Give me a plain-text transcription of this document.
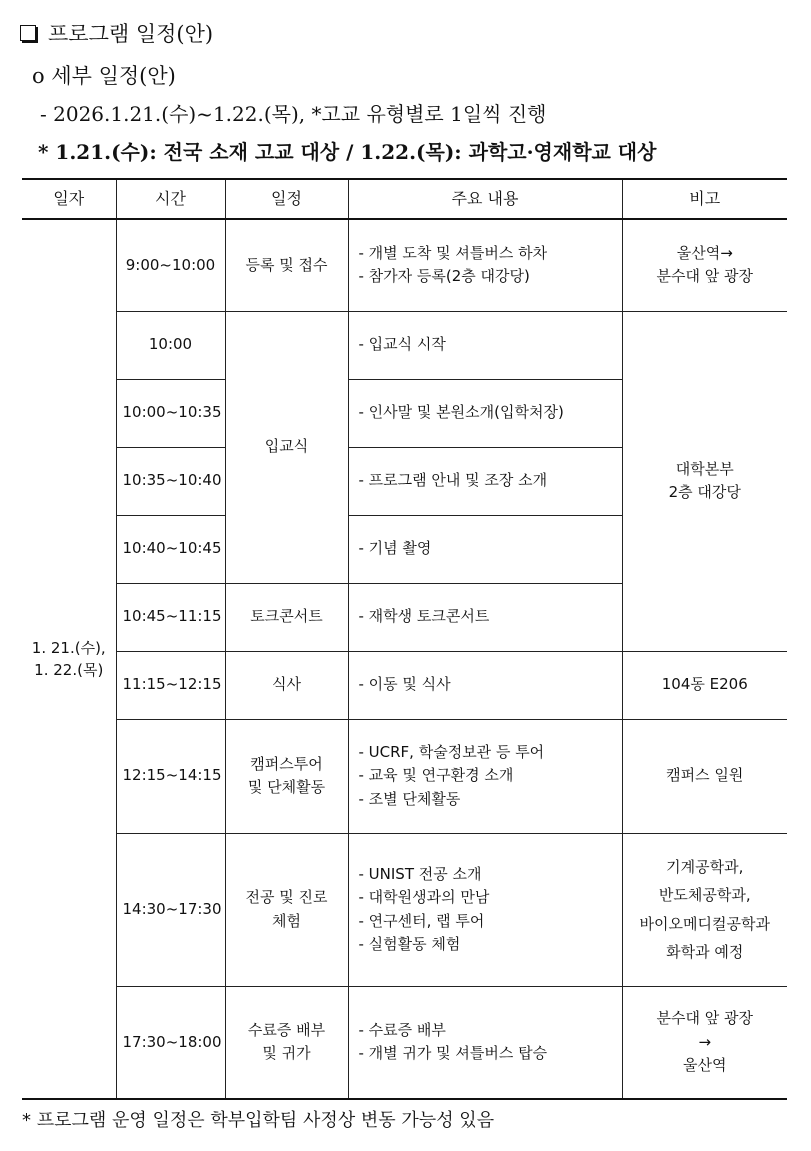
프로그램 일정(안)
o 세부 일정(안)
- 2026.1.21.(수)~1.22.(목), *고교 유형별로 1일씩 진행
* 1.21.(수): 전국 소재 고교 대상 / 1.22.(목): 과학고·영재학교 대상
일자	시간	일정	주요 내용	비고

1. 21.(수),
1. 22.(목)	9:00~10:00	등록 및 접수	- 개별 도착 및 셔틀버스 하차
- 참가자 등록(2층 대강당)	울산역→
분수대 앞 광장

	10:00	입교식	- 입교식 시작	대학본부
2층 대강당

	10:00~10:35		- 인사말 및 본원소개(입학처장)	

	10:35~10:40		- 프로그램 안내 및 조장 소개	

	10:40~10:45		- 기념 촬영	

	10:45~11:15	토크콘서트	- 재학생 토크콘서트	

	11:15~12:15	식사	- 이동 및 식사	104동 E206

	12:15~14:15	캠퍼스투어
및 단체활동	- UCRF, 학술정보관 등 투어
- 교육 및 연구환경 소개
- 조별 단체활동	캠퍼스 일원

	14:30~17:30	전공 및 진로
체험	- UNIST 전공 소개
- 대학원생과의 만남
- 연구센터, 랩 투어
- 실험활동 체험	기계공학과,
반도체공학과,
바이오메디컬공학과
화학과 예정

	17:30~18:00	수료증 배부
및 귀가	- 수료증 배부
- 개별 귀가 및 셔틀버스 탑승	분수대 앞 광장
→
울산역
* 프로그램 운영 일정은 학부입학팀 사정상 변동 가능성 있음
